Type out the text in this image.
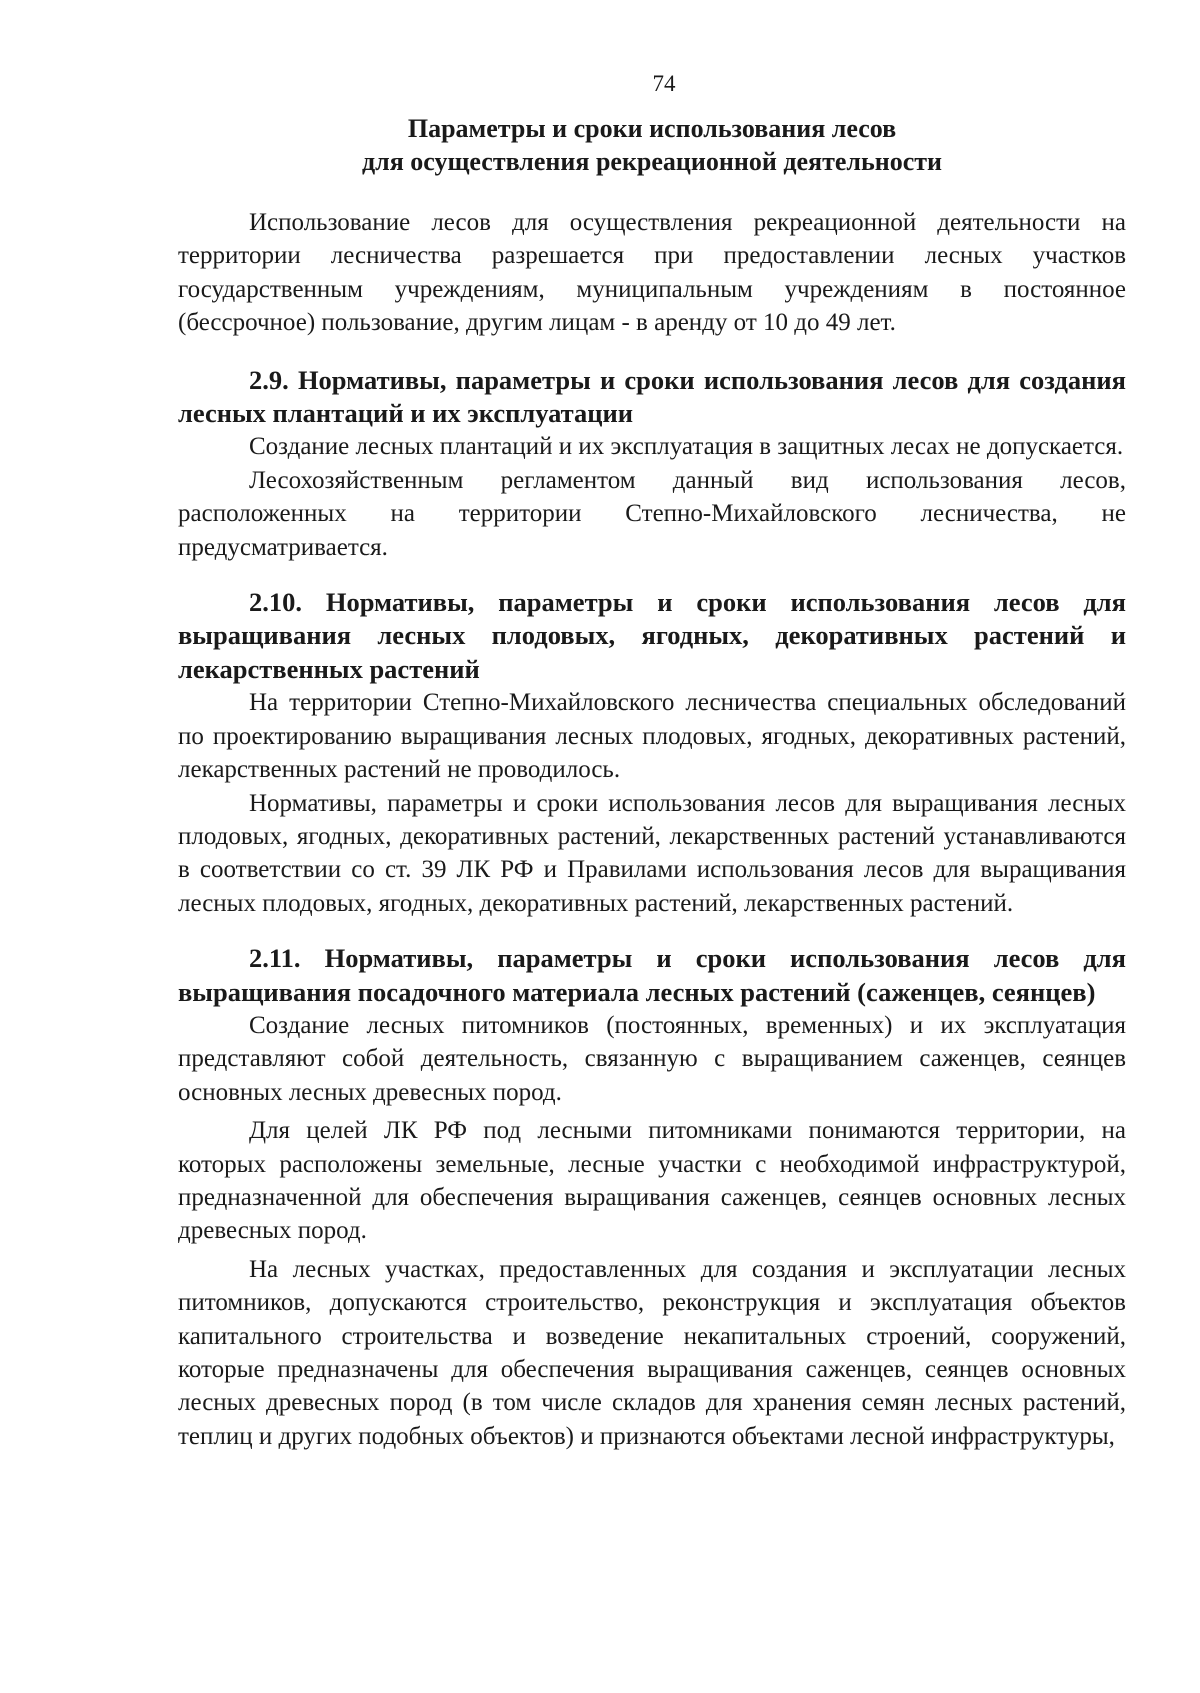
74
Параметры и сроки использования лесов
для осуществления рекреационной деятельности

Использование лесов для осуществления рекреационной деятельности на территории лесничества разрешается при предоставлении лесных участков государственным учреждениям, муниципальным учреждениям в постоянное (бессрочное) пользование, другим лицам - в аренду от 10 до 49 лет.

2.9. Нормативы, параметры и сроки использования лесов для создания лесных плантаций и их эксплуатации

Создание лесных плантаций и их эксплуатация в защитных лесах не допускается.

Лесохозяйственным регламентом данный вид использования лесов, расположенных на территории Степно-Михайловского лесничества, не предусматривается.

2.10. Нормативы, параметры и сроки использования лесов для выращивания лесных плодовых, ягодных, декоративных растений и лекарственных растений

На территории Степно-Михайловского лесничества специальных обследований по проектированию выращивания лесных плодовых, ягодных, декоративных растений, лекарственных растений не проводилось.

Нормативы, параметры и сроки использования лесов для выращивания лесных плодовых, ягодных, декоративных растений, лекарственных растений устанавливаются в соответствии со ст. 39 ЛК РФ и Правилами использования лесов для выращивания лесных плодовых, ягодных, декоративных растений, лекарственных растений.

2.11. Нормативы, параметры и сроки использования лесов для выращивания посадочного материала лесных растений (саженцев, сеянцев)

Создание лесных питомников (постоянных, временных) и их эксплуатация представляют собой деятельность, связанную с выращиванием саженцев, сеянцев основных лесных древесных пород.

Для целей ЛК РФ под лесными питомниками понимаются территории, на которых расположены земельные, лесные участки с необходимой инфраструктурой, предназначенной для обеспечения выращивания саженцев, сеянцев основных лесных древесных пород.

На лесных участках, предоставленных для создания и эксплуатации лесных питомников, допускаются строительство, реконструкция и эксплуатация объектов капитального строительства и возведение некапитальных строений, сооружений, которые предназначены для обеспечения выращивания саженцев, сеянцев основных лесных древесных пород (в том числе складов для хранения семян лесных растений, теплиц и других подобных объектов) и признаются объектами лесной инфраструктуры,
